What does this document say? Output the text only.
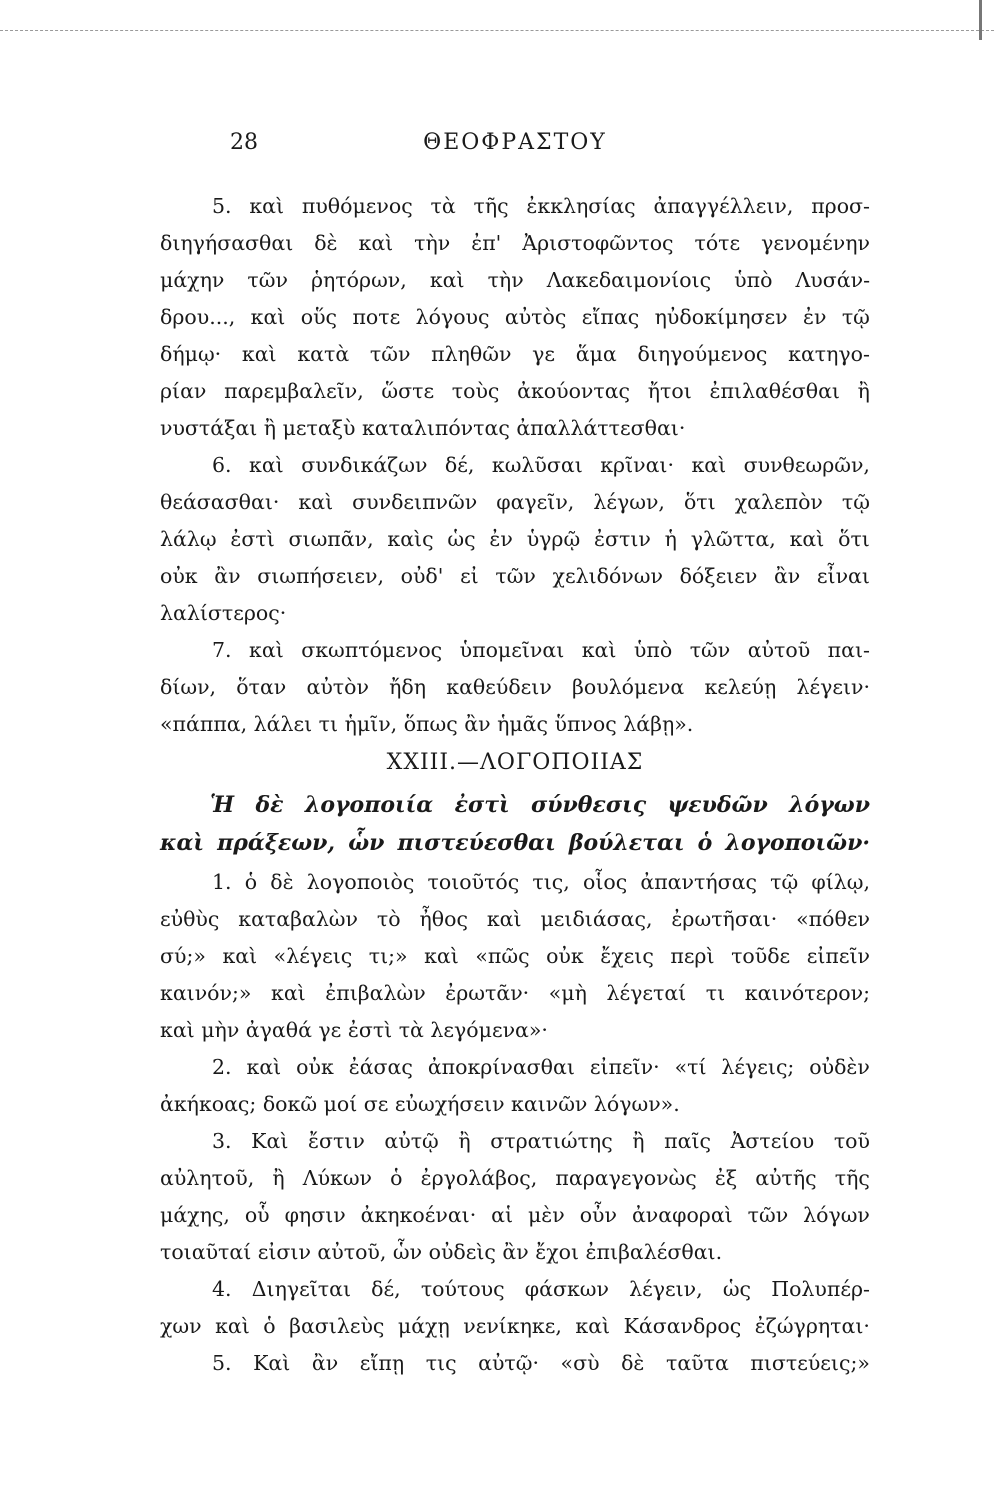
28	ΘΕΟΦΡΑΣΤΟΥ
5. καὶ πυθόμενος τὰ τῆς ἐκκλησίας ἀπαγγέλλειν, προσ-
διηγήσασθαι δὲ καὶ τὴν ἐπ' Ἀριστοφῶντος τότε γενομένην
μάχην τῶν ῥητόρων, καὶ τὴν Λακεδαιμονίοις ὑπὸ Λυσάν-
δρου..., καὶ οὕς ποτε λόγους αὐτὸς εἴπας ηὐδοκίμησεν ἐν τῷ
δήμῳ· καὶ κατὰ τῶν πληθῶν γε ἅμα διηγούμενος κατηγο-
ρίαν παρεμβαλεῖν, ὥστε τοὺς ἀκούοντας ἤτοι ἐπιλαθέσθαι ἢ
νυστάξαι ἢ μεταξὺ καταλιπόντας ἀπαλλάττεσθαι·
6. καὶ συνδικάζων δέ, κωλῦσαι κρῖναι· καὶ συνθεωρῶν,
θεάσασθαι· καὶ συνδειπνῶν φαγεῖν, λέγων, ὅτι χαλεπὸν τῷ
λάλῳ ἐστὶ σιωπᾶν, καὶς ὡς ἐν ὑγρῷ ἐστιν ἡ γλῶττα, καὶ ὅτι
οὐκ ἂν σιωπήσειεν, οὐδ' εἰ τῶν χελιδόνων δόξειεν ἂν εἶναι
λαλίστερος·
7. καὶ σκωπτόμενος ὑπομεῖναι καὶ ὑπὸ τῶν αὐτοῦ παι-
δίων, ὅταν αὐτὸν ἤδη καθεύδειν βουλόμενα κελεύῃ λέγειν·
«πάππα, λάλει τι ἡμῖν, ὅπως ἂν ἡμᾶς ὕπνος λάβῃ».
XXIII.—ΛΟΓΟΠΟΙΙΑΣ
Ἡ δὲ λογοποιία ἐστὶ σύνθεσις ψευδῶν λόγων
καὶ πράξεων, ὧν πιστεύεσθαι βούλεται ὁ λογοποιῶν·
1. ὁ δὲ λογοποιὸς τοιοῦτός τις, οἷος ἀπαντήσας τῷ φίλῳ,
εὐθὺς καταβαλὼν τὸ ἦθος καὶ μειδιάσας, ἐρωτῆσαι· «πόθεν
σύ;» καὶ «λέγεις τι;» καὶ «πῶς οὐκ ἔχεις περὶ τοῦδε εἰπεῖν
καινόν;» καὶ ἐπιβαλὼν ἐρωτᾶν· «μὴ λέγεταί τι καινότερον;
καὶ μὴν ἀγαθά γε ἐστὶ τὰ λεγόμενα»·
2. καὶ οὐκ ἐάσας ἀποκρίνασθαι εἰπεῖν· «τί λέγεις; οὐδὲν
ἀκήκοας; δοκῶ μοί σε εὐωχήσειν καινῶν λόγων».
3. Καὶ ἔστιν αὐτῷ ἢ στρατιώτης ἢ παῖς Ἀστείου τοῦ
αὐλητοῦ, ἢ Λύκων ὁ ἐργολάβος, παραγεγονὼς ἐξ αὐτῆς τῆς
μάχης, οὗ φησιν ἀκηκοέναι· αἱ μὲν οὖν ἀναφοραὶ τῶν λόγων
τοιαῦταί εἰσιν αὐτοῦ, ὧν οὐδεὶς ἂν ἔχοι ἐπιβαλέσθαι.
4. Διηγεῖται δέ, τούτους φάσκων λέγειν, ὡς Πολυπέρ-
χων καὶ ὁ βασιλεὺς μάχῃ νενίκηκε, καὶ Κάσανδρος ἐζώγρηται·
5. Καὶ ἂν εἴπῃ τις αὐτῷ· «σὺ δὲ ταῦτα πιστεύεις;»
